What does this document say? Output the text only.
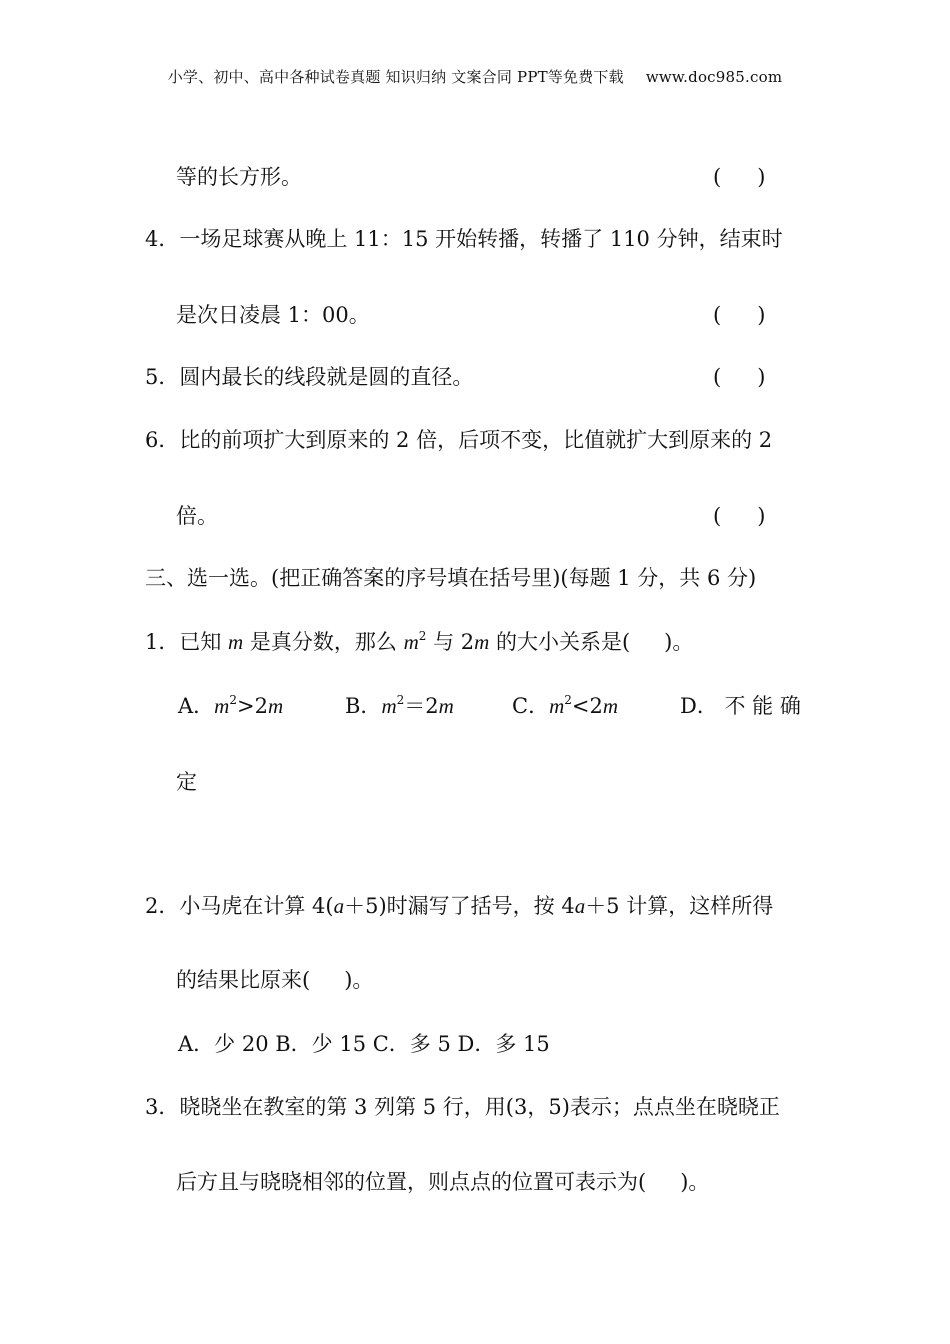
小学、初中、高中各种试卷真题 知识归纳 文案合同 PPT等免费下载 www.doc985.com
等的长方形。	( )
4．一场足球赛从晚上 11：15 开始转播，转播了 110 分钟，结束时
是次日凌晨 1：00。	( )
5．圆内最长的线段就是圆的直径。	( )
6．比的前项扩大到原来的 2 倍，后项不变，比值就扩大到原来的 2
倍。	( )
三、选一选。(把正确答案的序号填在括号里)(每题 1 分，共 6 分)
1．已知 m 是真分数，那么 $m^2$ 与 2m 的大小关系是( )。
A．$m^2>2m$	B．$m^2=2m$	C．$m^2<2m$	D． 不 能 确
定
2．小马虎在计算 4(a＋5)时漏写了括号，按 4a＋5 计算，这样所得
的结果比原来( )。
A．少 20 B．少 15 C．多 5 D．多 15
3．晓晓坐在教室的第 3 列第 5 行，用(3，5)表示；点点坐在晓晓正
后方且与晓晓相邻的位置，则点点的位置可表示为( )。
